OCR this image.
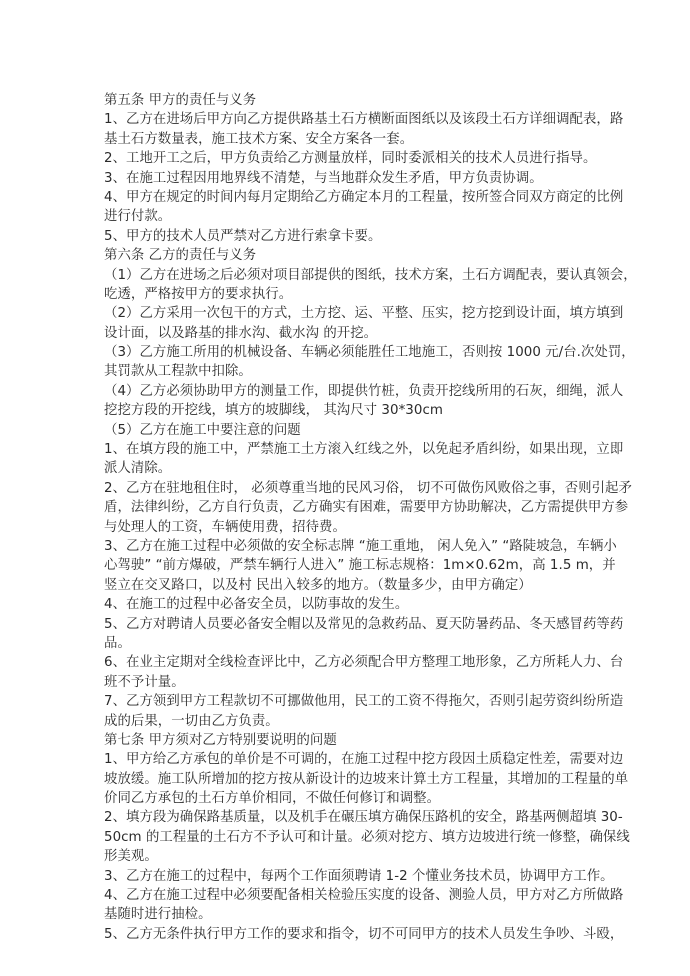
第五条 甲方的责任与义务
1、乙方在进场后甲方向乙方提供路基土石方横断面图纸以及该段土石方详细调配表，路
基土石方数量表，施工技术方案、安全方案各一套。
2、工地开工之后，甲方负责给乙方测量放样，同时委派相关的技术人员进行指导。
3、在施工过程因用地界线不清楚，与当地群众发生矛盾，甲方负责协调。
4、甲方在规定的时间内每月定期给乙方确定本月的工程量，按所签合同双方商定的比例
进行付款。
5、甲方的技术人员严禁对乙方进行索拿卡要。
第六条 乙方的责任与义务
（1）乙方在进场之后必须对项目部提供的图纸，技术方案，土石方调配表，要认真领会，
吃透，严格按甲方的要求执行。
（2）乙方采用一次包干的方式，土方挖、运、平整、压实，挖方挖到设计面，填方填到
设计面，以及路基的排水沟、截水沟 的开挖。
（3）乙方施工所用的机械设备、车辆必须能胜任工地施工，否则按 1000 元/台.次处罚，
其罚款从工程款中扣除。
（4）乙方必须协助甲方的测量工作，即提供竹桩，负责开挖线所用的石灰，细绳，派人
挖挖方段的开挖线，填方的坡脚线， 其沟尺寸 30*30cm
（5）乙方在施工中要注意的问题
1、在填方段的施工中，严禁施工土方滚入红线之外，以免起矛盾纠纷，如果出现，立即
派人清除。
2、乙方在驻地租住时， 必须尊重当地的民风习俗， 切不可做伤风败俗之事，否则引起矛
盾，法律纠纷，乙方自行负责，乙方确实有困难，需要甲方协助解决，乙方需提供甲方参
与处理人的工资，车辆使用费，招待费。
3、乙方在施工过程中必须做的安全标志牌 “施工重地， 闲人免入” “路陡坡急，车辆小
心驾驶” “前方爆破，严禁车辆行人进入” 施工标志规格：1m×0.62m，高 1.5 m，并
竖立在交叉路口，以及村 民出入较多的地方。（数量多少，由甲方确定）
4、在施工的过程中必备安全员，以防事故的发生。
5、乙方对聘请人员要必备安全帽以及常见的急救药品、夏天防暑药品、冬天感冒药等药
品。
6、在业主定期对全线检查评比中，乙方必须配合甲方整理工地形象，乙方所耗人力、台
班不予计量。
7、乙方领到甲方工程款切不可挪做他用，民工的工资不得拖欠，否则引起劳资纠纷所造
成的后果，一切由乙方负责。
第七条 甲方须对乙方特别要说明的问题
1、甲方给乙方承包的单价是不可调的，在施工过程中挖方段因土质稳定性差，需要对边
坡放缓。施工队所增加的挖方按从新设计的边坡来计算土方工程量，其增加的工程量的单
价同乙方承包的土石方单价相同，不做任何修订和调整。
2、填方段为确保路基质量，以及机手在碾压填方确保压路机的安全，路基两侧超填 30-
50cm 的工程量的土石方不予认可和计量。必须对挖方、填方边坡进行统一修整，确保线
形美观。
3、乙方在施工的过程中，每两个工作面须聘请 1-2 个懂业务技术员，协调甲方工作。
4、乙方在施工过程中必须要配备相关检验压实度的设备、测验人员，甲方对乙方所做路
基随时进行抽检。
5、乙方无条件执行甲方工作的要求和指令，切不可同甲方的技术人员发生争吵、斗殴，
